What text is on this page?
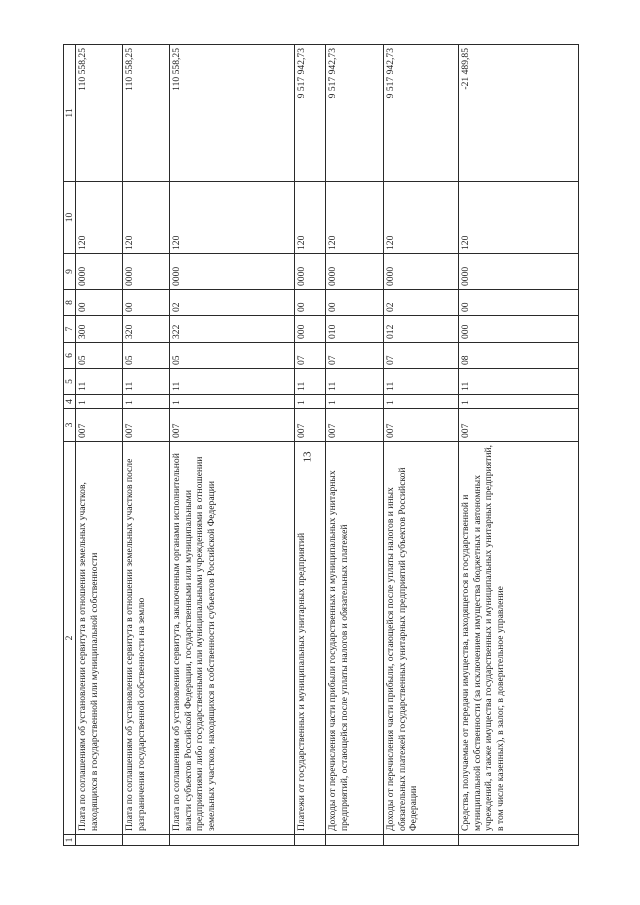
13
1	2	3	4	5	6	7	8	9	10	11
	Плата по соглашениям об установлении сервитута в отношении земельных участков, находящихся в государственной или муниципальной собственности	007	1	11	05	300	00	0000	120	110 558,25
	Плата по соглашениям об установлении сервитута в отношении земельных участков после разграничения государственной собственности на землю	007	1	11	05	320	00	0000	120	110 558,25
	Плата по соглашениям об установлении сервитута, заключенным органами исполнительной власти субъектов Российской Федерации, государственными или муниципальными предприятиями либо государственными или муниципальными учреждениями в отношении земельных участков, находящихся в собственности субъектов Российской Федерации	007	1	11	05	322	02	0000	120	110 558,25
	Платежи от государственных и муниципальных унитарных предприятий	007	1	11	07	000	00	0000	120	9 517 942,73
	Доходы от перечисления части прибыли государственных и муниципальных унитарных предприятий, остающейся после уплаты налогов и обязательных платежей	007	1	11	07	010	00	0000	120	9 517 942,73
	Доходы от перечисления части прибыли, остающейся после уплаты налогов и иных обязательных платежей государственных унитарных предприятий субъектов Российской Федерации	007	1	11	07	012	02	0000	120	9 517 942,73
	Средства, получаемые от передачи имущества, находящегося в государственной и муниципальной собственности (за исключением имущества бюджетных и автономных учреждений, а также имущества государственных и муниципальных унитарных предприятий, в том числе казенных), в залог, в доверительное управление	007	1	11	08	000	00	0000	120	-21 489,85
